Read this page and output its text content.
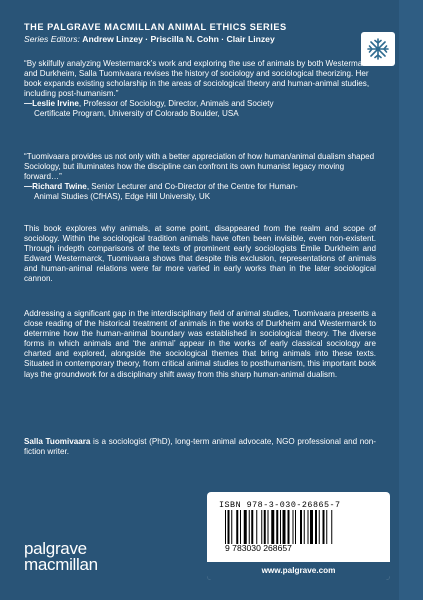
THE PALGRAVE MACMILLAN ANIMAL ETHICS SERIES
Series Editors: Andrew Linzey · Priscilla N. Cohn · Clair Linzey
“By skilfully analyzing Westermarck’s work and exploring the use of animals by both Westermarck and Durkheim, Salla Tuomivaara revises the history of sociology and sociological theorizing. Her book expands existing scholarship in the areas of sociological theory and human-animal studies, including post-humanism.”
—Leslie Irvine, Professor of Sociology, Director, Animals and Society
Certificate Program, University of Colorado Boulder, USA
“Tuomivaara provides us not only with a better appreciation of how human/animal dualism shaped Sociology, but illuminates how the discipline can confront its own humanist legacy moving forward…”
—Richard Twine, Senior Lecturer and Co-Director of the Centre for Human-
Animal Studies (CfHAS), Edge Hill University, UK
This book explores why animals, at some point, disappeared from the realm and scope of sociology. Within the sociological tradition animals have often been invisible, even non-existent. Through indepth comparisons of the texts of prominent early sociologists Émile Durkheim and Edward Westermarck, Tuomivaara shows that despite this exclusion, representations of animals and human-animal relations were far more varied in early works than in the later sociological cannon.
Addressing a significant gap in the interdisciplinary field of animal studies, Tuomivaara presents a close reading of the historical treatment of animals in the works of Durkheim and Westermarck to determine how the human-animal boundary was established in sociological theory. The diverse forms in which animals and ‘the animal’ appear in the works of early classical sociology are charted and explored, alongside the sociological themes that bring animals into these texts. Situated in contemporary theory, from critical animal studies to posthumanism, this important book lays the groundwork for a disciplinary shift away from this sharp human-animal dualism.
Salla Tuomivaara is a sociologist (PhD), long-term animal advocate, NGO professional and non-fiction writer.
ISBN 978-3-030-26865-7
9 783030 268657
www.palgrave.com
palgrave
macmillan
